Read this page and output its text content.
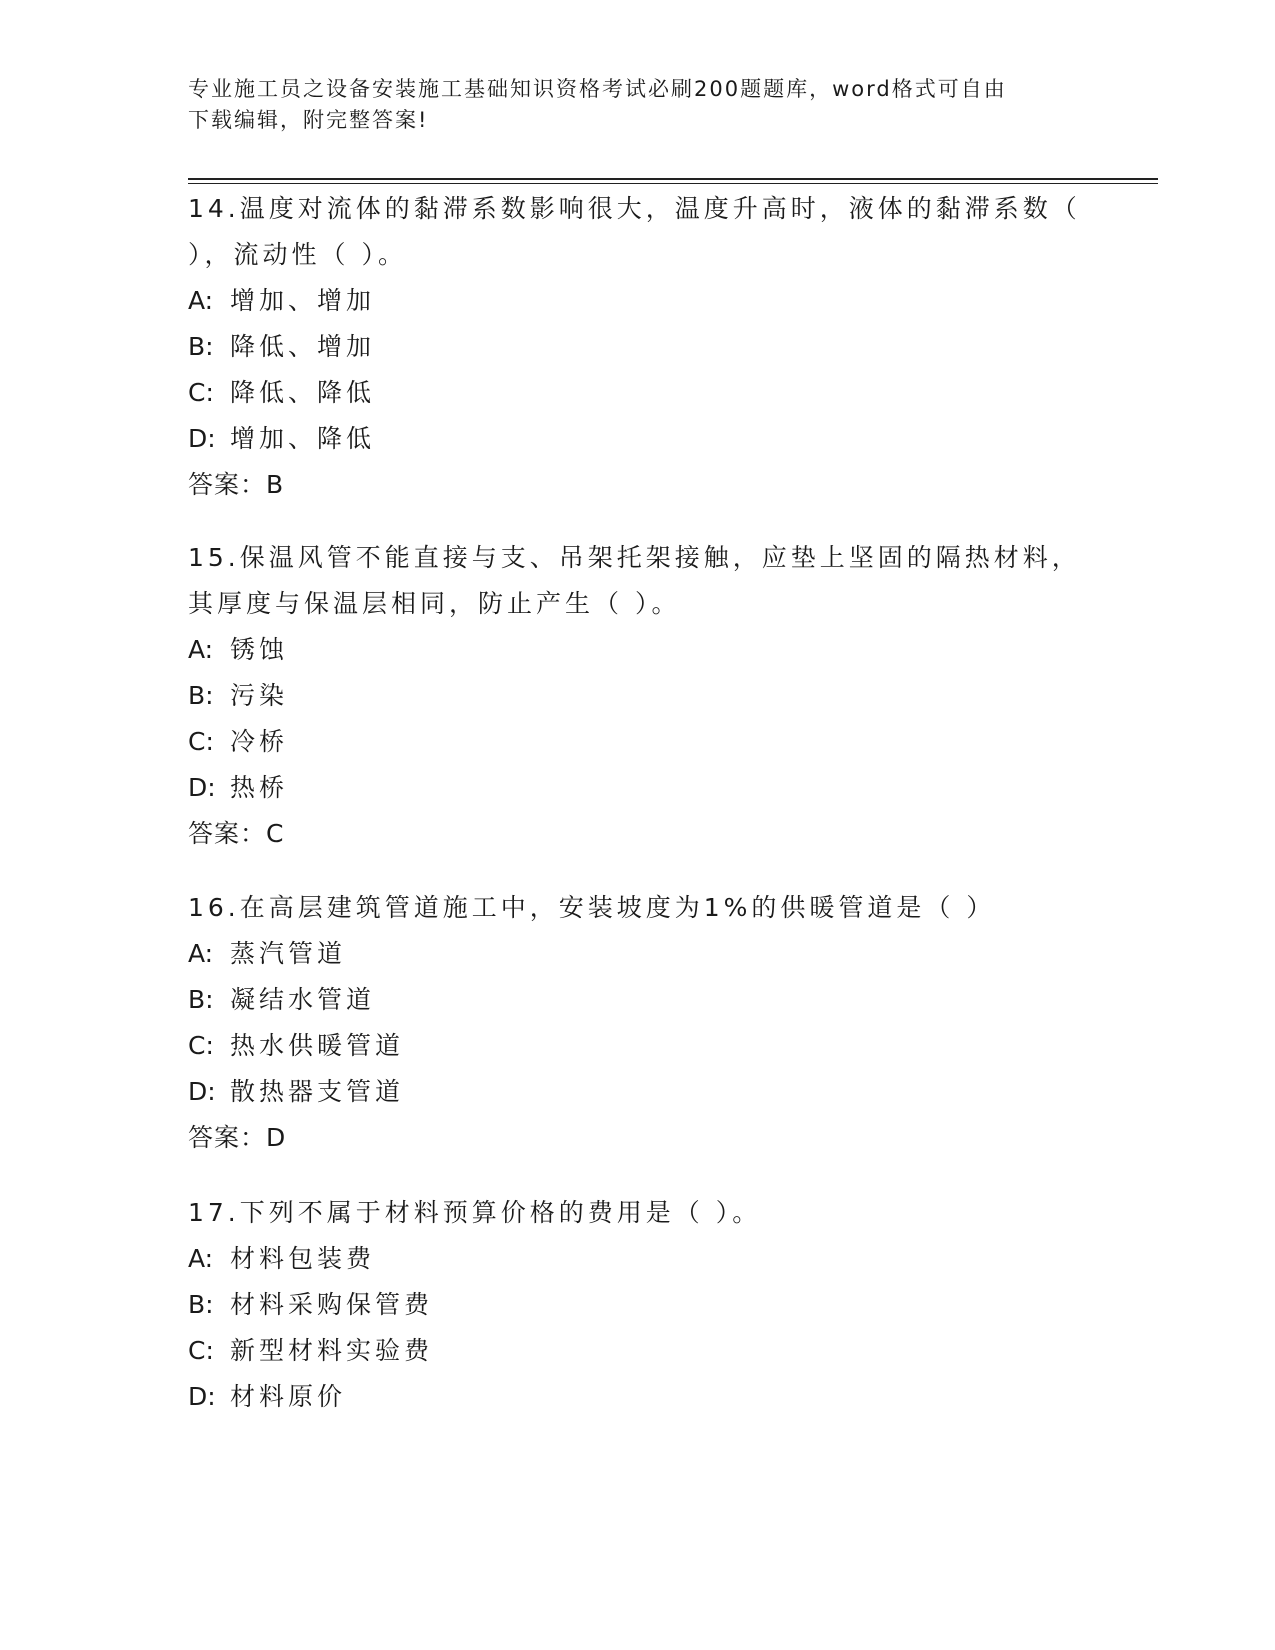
专业施工员之设备安装施工基础知识资格考试必刷200题题库，word格式可自由
下载编辑，附完整答案!
14.温度对流体的黏滞系数影响很大，温度升高时，液体的黏滞系数（
），流动性（ ）。
A: 增加、增加
B: 降低、增加
C: 降低、降低
D: 增加、降低
答案：B
15.保温风管不能直接与支、吊架托架接触，应垫上坚固的隔热材料，
其厚度与保温层相同，防止产生（ ）。
A: 锈蚀
B: 污染
C: 冷桥
D: 热桥
答案：C
16.在高层建筑管道施工中，安装坡度为1%的供暖管道是（ ）
A: 蒸汽管道
B: 凝结水管道
C: 热水供暖管道
D: 散热器支管道
答案：D
17.下列不属于材料预算价格的费用是（ ）。
A: 材料包装费
B: 材料采购保管费
C: 新型材料实验费
D: 材料原价
